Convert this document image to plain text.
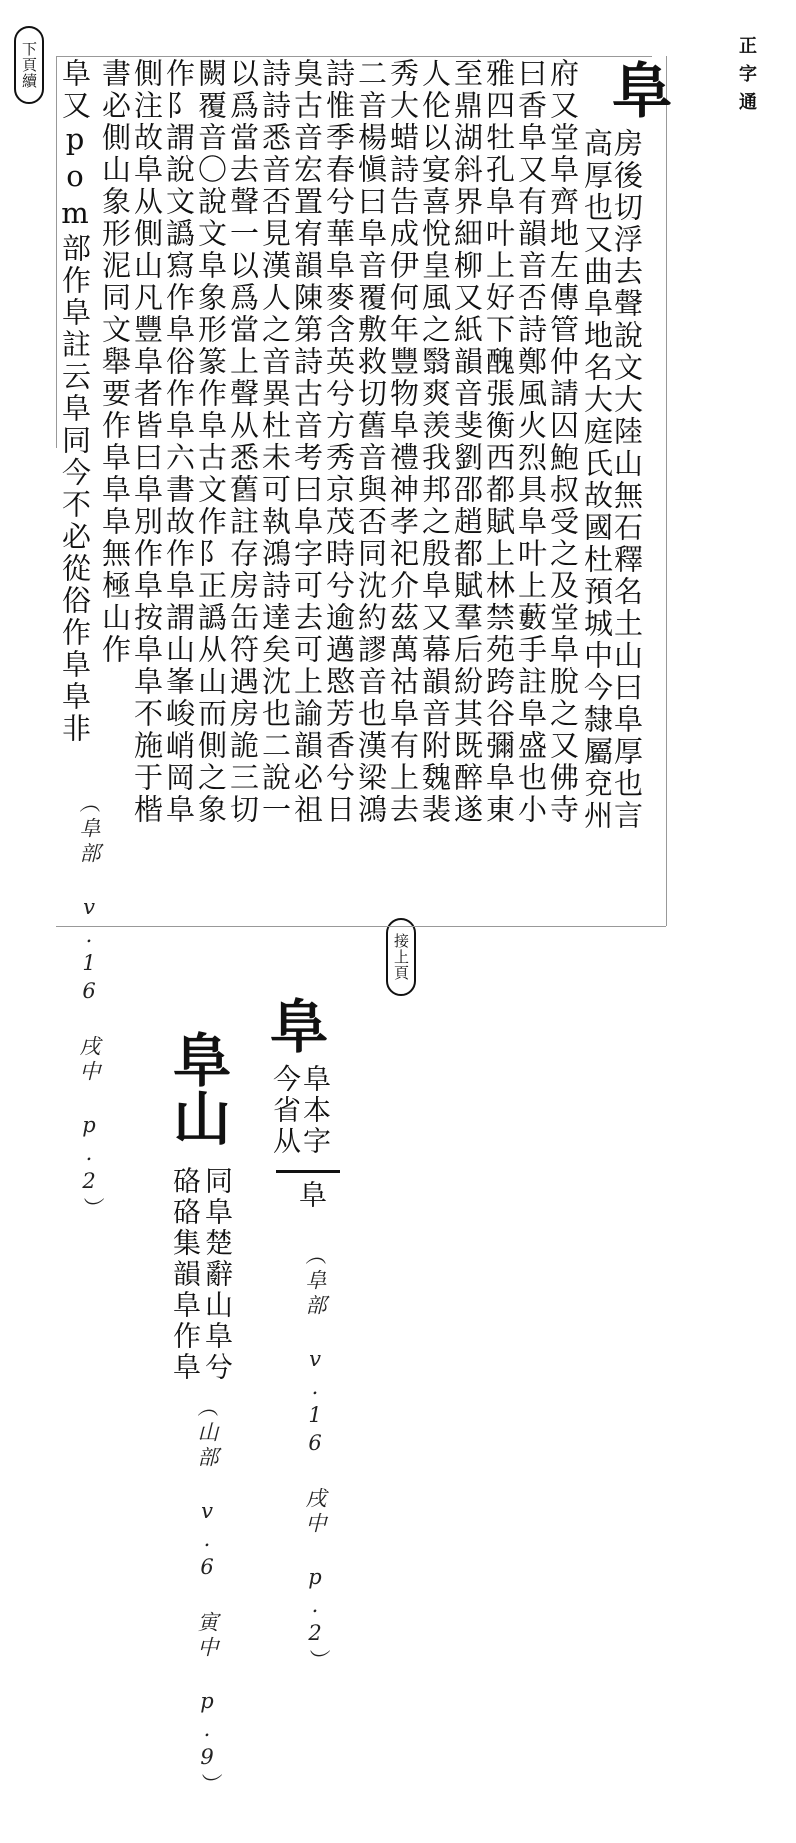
正字通
下頁續
接上頁
阜
房後切浮去聲說文大陸山無石釋名土山曰阜厚也言
高厚也又曲阜地名大庭氏故國杜預城中今隸屬兗州
府又堂阜齊地左傳管仲請囚鮑叔受之及堂阜脫之又佛寺
曰香阜又有韻音否詩鄭風火烈具阜叶上藪手註阜盛也小
雅四牡孔阜叶上好下醜張衡西都賦上林禁苑跨谷彌阜東
至鼎湖斜界細柳又紙韻音斐劉邵趙都賦羣后紛其既醉遂
人伦以宴喜悅皇風之翳爽羡我邦之殷阜又幕韻音附魏裴
秀大蜡詩告成伊何年豐物阜禮神孝祀介茲萬祜阜有上去
二音楊愼曰阜音覆敷救切舊音與否同沈約謬音也漢梁鴻
詩惟季春兮華阜麥含英兮方秀京茂時兮逾邁愍芳香兮日
臭古音宏置宥韻陳第詩古音考曰阜字可去可上諭韻必祖
詩詩悉音否見漢人之音異杜未可執鴻詩達矣沈也二說一
以爲當去聲一以爲當上聲从悉舊註存房缶符遇房詭三切
闕覆音〇說文阜象形篆作阜古文作阝正譌从山而側之象
作阝謂說文譌寫作阜俗作阜六書故作阜謂山峯峻峭岡阜
側注故阜从側山凡豐阜者皆曰阜別作阜按阜阜不施于楷
書必側山象形泥同文舉要作阜阜阜無極山作
阜又pom部作阜註云阜同今不必從俗作阜阜非
（阜部 v.16 戌中 p.2）	阜
阜本字
今省从
阜
（阜部 v.16 戌中 p.2）
阜山
同阜楚辭山阜兮
硌硌集韻阜作阜
（山部 v.6 寅中 p.9）
